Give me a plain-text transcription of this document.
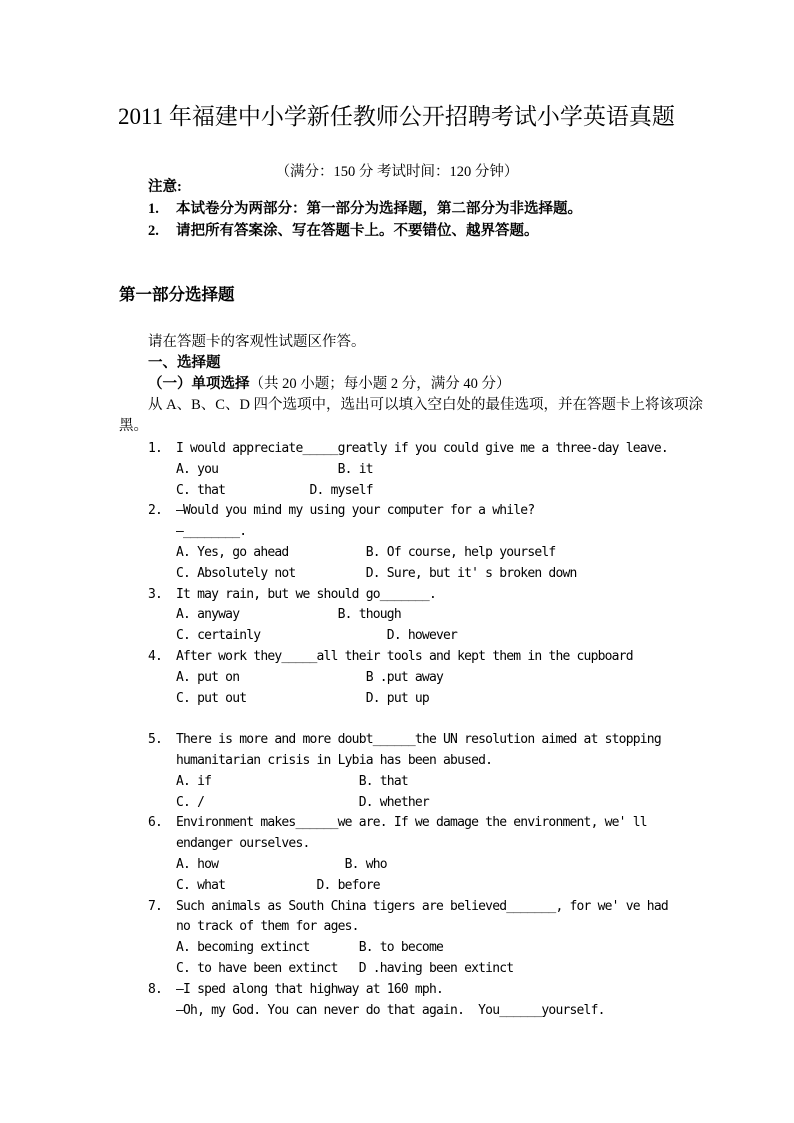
2011 年福建中小学新任教师公开招聘考试小学英语真题
（满分：150 分 考试时间：120 分钟）
注意:
1. 本试卷分为两部分：第一部分为选择题，第二部分为非选择题。
2. 请把所有答案涂、写在答题卡上。不要错位、越界答题。
第一部分选择题
请在答题卡的客观性试题区作答。
一、选择题
（一）单项选择（共 20 小题；每小题 2 分，满分 40 分）
从 A、B、C、D 四个选项中，选出可以填入空白处的最佳选项，并在答题卡上将该项涂
黑。
1. I would appreciate_____greatly if you could give me a three-day leave.
A. you                 B. it
C. that            D. myself
2. —Would you mind my using your computer for a while?
—________.
A. Yes, go ahead           B. Of course, help yourself
C. Absolutely not          D. Sure, but it' s broken down
3. It may rain, but we should go_______.
A. anyway              B. though
C. certainly                  D. however
4. After work they_____all their tools and kept them in the cupboard
A. put on                  B .put away
C. put out                 D. put up
5. There is more and more doubt______the UN resolution aimed at stopping
humanitarian crisis in Lybia has been abused.
A. if                     B. that
C. /                      D. whether
6. Environment makes______we are. If we damage the environment, we' ll
endanger ourselves.
A. how                  B. who
C. what             D. before
7. Such animals as South China tigers are believed_______, for we' ve had
no track of them for ages.
A. becoming extinct       B. to become
C. to have been extinct   D .having been extinct
8. —I sped along that highway at 160 mph.
—Oh, my God. You can never do that again.  You______yourself.
